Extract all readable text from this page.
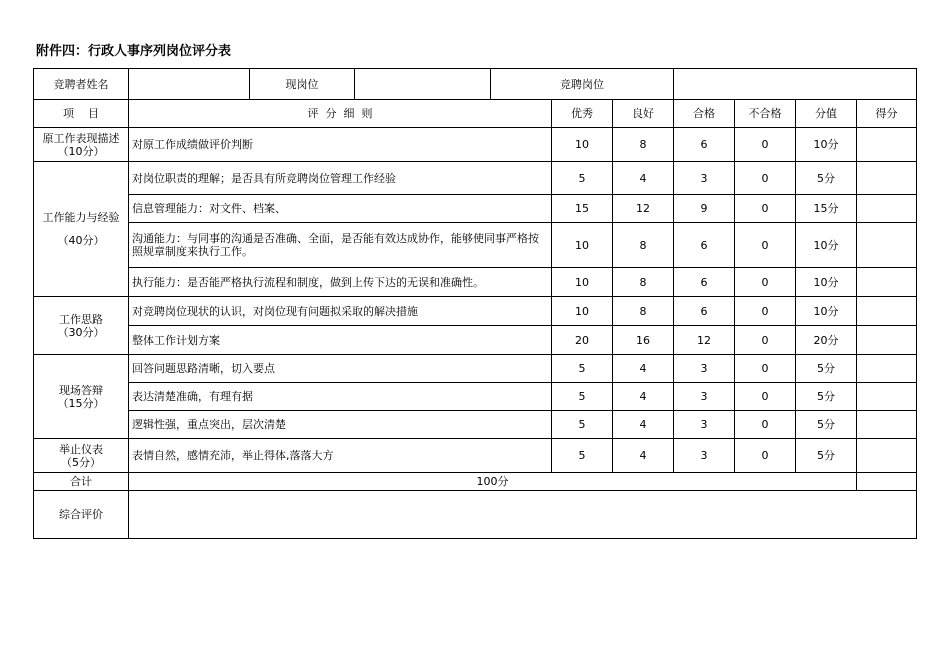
附件四：行政人事序列岗位评分表
竞聘者姓名		现岗位		竞聘岗位						
项    目	评  分  细  则				优秀	良好	合格	不合格	分值	得分

原工作表现描述
（10分）	对原工作成绩做评价判断				10	8	6	0	10分	

工作能力与经验
（40分）	对岗位职责的理解；是否具有所竞聘岗位管理工作经验				5	4	3	0	5分	
	信息管理能力：对文件、档案、				15	12	9	0	15分	
	沟通能力：与同事的沟通是否准确、全面，是否能有效达成协作，能够使同事严格按照规章制度来执行工作。				10	8	6	0	10分	
	执行能力：是否能严格执行流程和制度，做到上传下达的无误和准确性。				10	8	6	0	10分	

工作思路
（30分）	对竞聘岗位现状的认识，对岗位现有问题拟采取的解决措施				10	8	6	0	10分	
	整体工作计划方案				20	16	12	0	20分	

现场答辩
（15分）	回答问题思路清晰，切入要点				5	4	3	0	5分	
	表达清楚准确，有理有据				5	4	3	0	5分	
	逻辑性强，重点突出，层次清楚				5	4	3	0	5分	

举止仪表
（5分）	表情自然，感情充沛，举止得体,落落大方				5	4	3	0	5分	
合计	100分									
综合评价										
